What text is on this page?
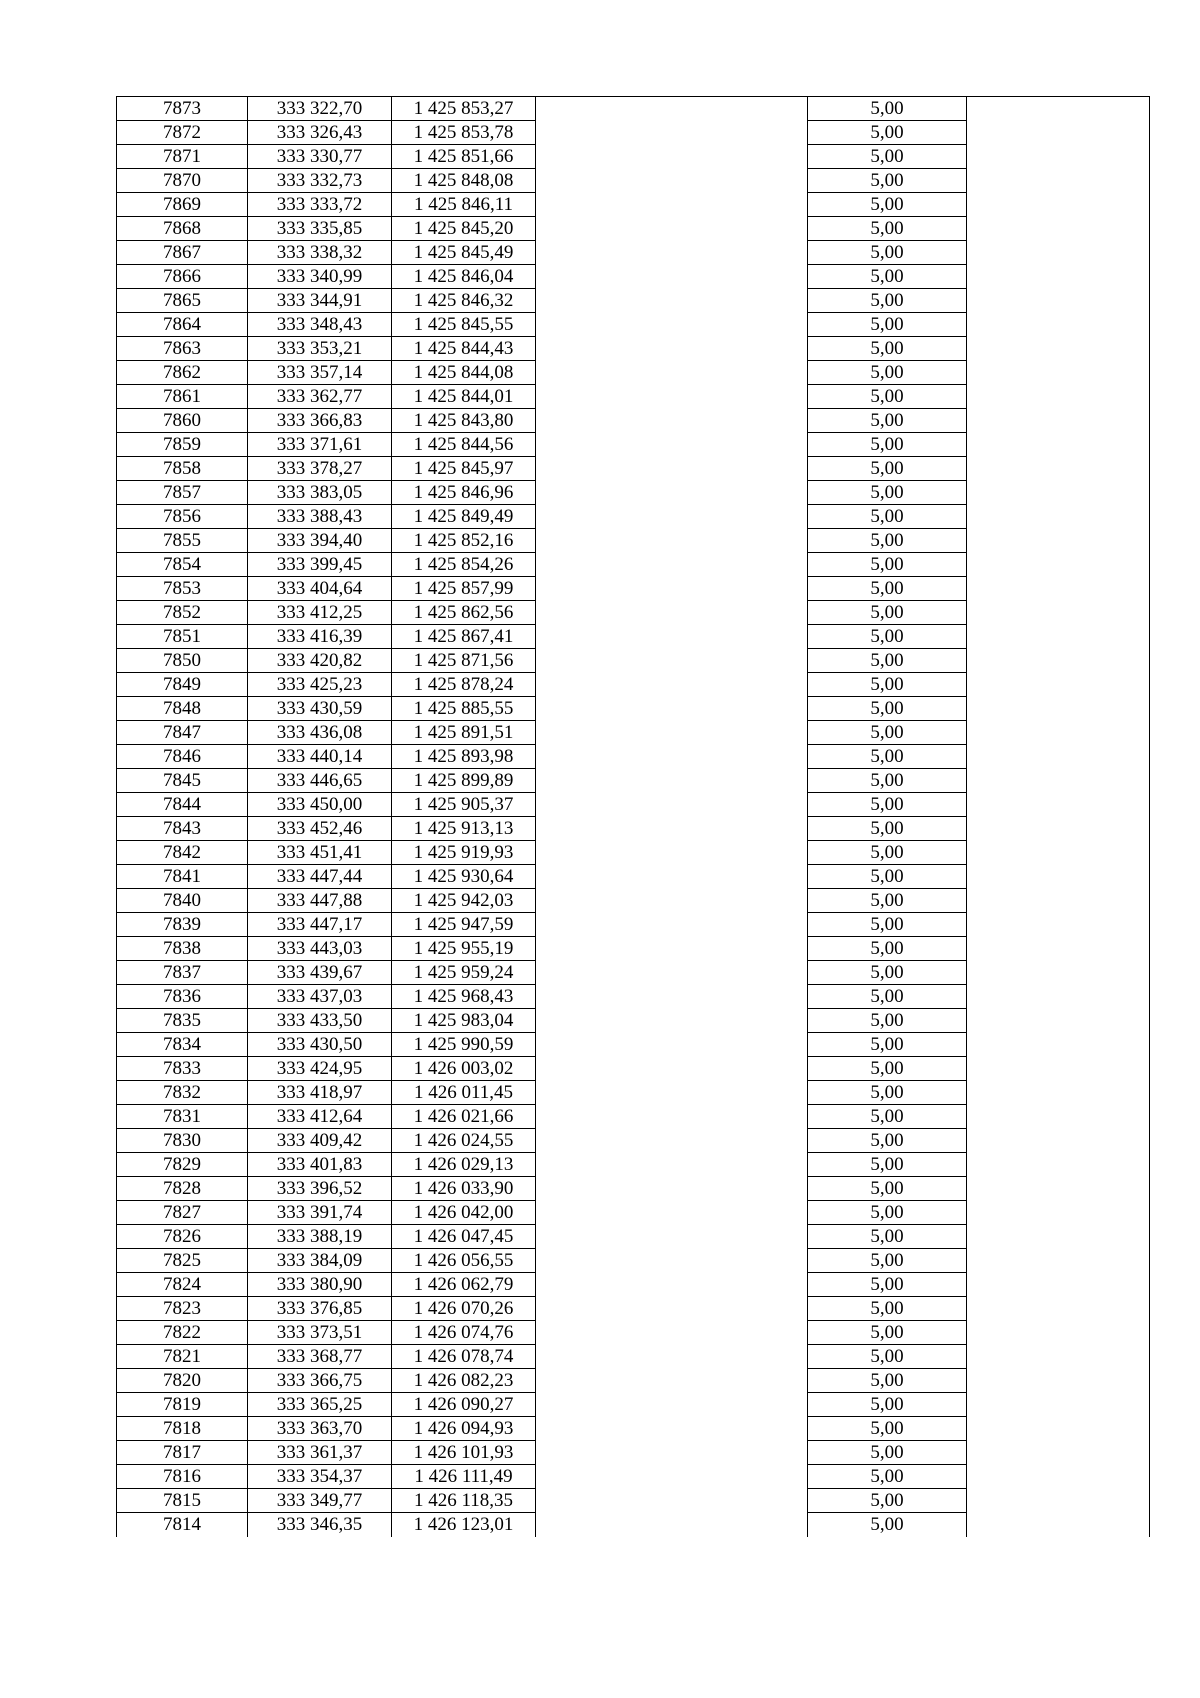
7873	333 322,70	1 425 853,27		5,00	
7872	333 326,43	1 425 853,78		5,00	
7871	333 330,77	1 425 851,66		5,00	
7870	333 332,73	1 425 848,08		5,00	
7869	333 333,72	1 425 846,11		5,00	
7868	333 335,85	1 425 845,20		5,00	
7867	333 338,32	1 425 845,49		5,00	
7866	333 340,99	1 425 846,04		5,00	
7865	333 344,91	1 425 846,32		5,00	
7864	333 348,43	1 425 845,55		5,00	
7863	333 353,21	1 425 844,43		5,00	
7862	333 357,14	1 425 844,08		5,00	
7861	333 362,77	1 425 844,01		5,00	
7860	333 366,83	1 425 843,80		5,00	
7859	333 371,61	1 425 844,56		5,00	
7858	333 378,27	1 425 845,97		5,00	
7857	333 383,05	1 425 846,96		5,00	
7856	333 388,43	1 425 849,49		5,00	
7855	333 394,40	1 425 852,16		5,00	
7854	333 399,45	1 425 854,26		5,00	
7853	333 404,64	1 425 857,99		5,00	
7852	333 412,25	1 425 862,56		5,00	
7851	333 416,39	1 425 867,41		5,00	
7850	333 420,82	1 425 871,56		5,00	
7849	333 425,23	1 425 878,24		5,00	
7848	333 430,59	1 425 885,55		5,00	
7847	333 436,08	1 425 891,51		5,00	
7846	333 440,14	1 425 893,98		5,00	
7845	333 446,65	1 425 899,89		5,00	
7844	333 450,00	1 425 905,37		5,00	
7843	333 452,46	1 425 913,13		5,00	
7842	333 451,41	1 425 919,93		5,00	
7841	333 447,44	1 425 930,64		5,00	
7840	333 447,88	1 425 942,03		5,00	
7839	333 447,17	1 425 947,59		5,00	
7838	333 443,03	1 425 955,19		5,00	
7837	333 439,67	1 425 959,24		5,00	
7836	333 437,03	1 425 968,43		5,00	
7835	333 433,50	1 425 983,04		5,00	
7834	333 430,50	1 425 990,59		5,00	
7833	333 424,95	1 426 003,02		5,00	
7832	333 418,97	1 426 011,45		5,00	
7831	333 412,64	1 426 021,66		5,00	
7830	333 409,42	1 426 024,55		5,00	
7829	333 401,83	1 426 029,13		5,00	
7828	333 396,52	1 426 033,90		5,00	
7827	333 391,74	1 426 042,00		5,00	
7826	333 388,19	1 426 047,45		5,00	
7825	333 384,09	1 426 056,55		5,00	
7824	333 380,90	1 426 062,79		5,00	
7823	333 376,85	1 426 070,26		5,00	
7822	333 373,51	1 426 074,76		5,00	
7821	333 368,77	1 426 078,74		5,00	
7820	333 366,75	1 426 082,23		5,00	
7819	333 365,25	1 426 090,27		5,00	
7818	333 363,70	1 426 094,93		5,00	
7817	333 361,37	1 426 101,93		5,00	
7816	333 354,37	1 426 111,49		5,00	
7815	333 349,77	1 426 118,35		5,00	
7814	333 346,35	1 426 123,01		5,00	
